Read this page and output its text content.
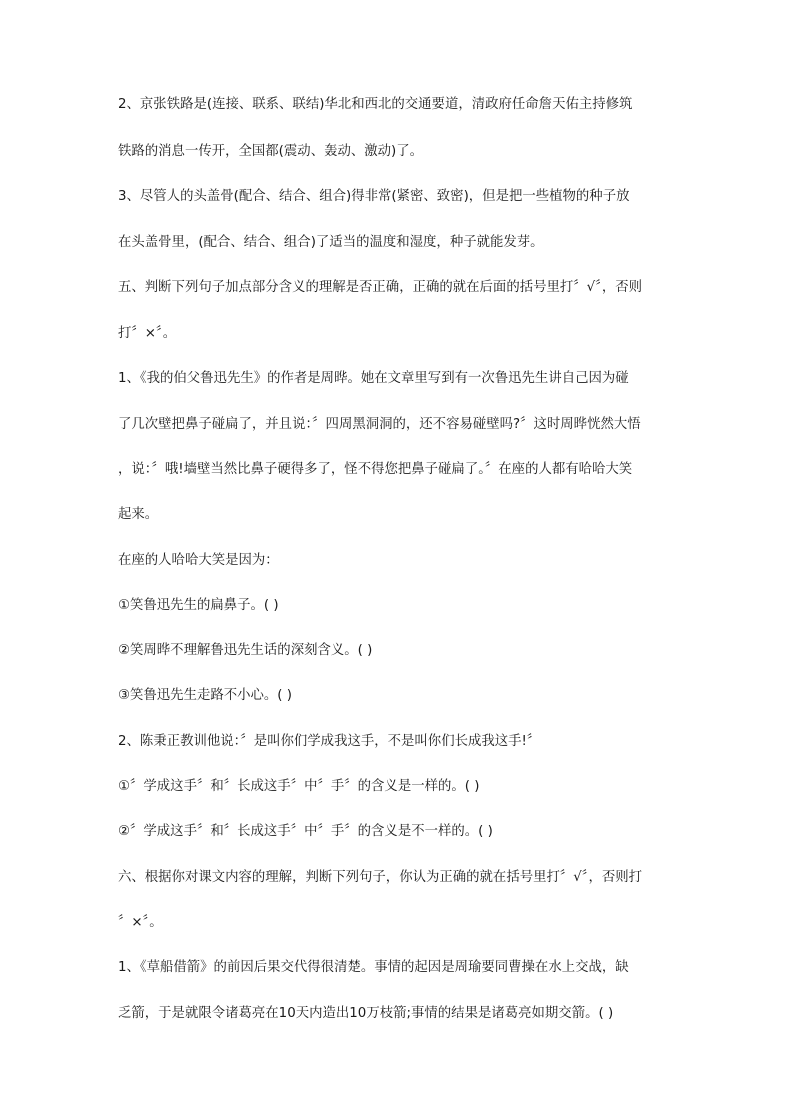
2、京张铁路是(连接、联系、联结)华北和西北的交通要道，清政府任命詹天佑主持修筑
铁路的消息一传开，全国都(震动、轰动、激动)了。
3、尽管人的头盖骨(配合、结合、组合)得非常(紧密、致密)，但是把一些植物的种子放
在头盖骨里，(配合、结合、组合)了适当的温度和湿度，种子就能发芽。
五、判断下列句子加点部分含义的理解是否正确，正确的就在后面的括号里打〞√〞，否则
打〞×〞。
1、《我的伯父鲁迅先生》的作者是周晔。她在文章里写到有一次鲁迅先生讲自己因为碰
了几次壁把鼻子碰扁了，并且说：〞四周黑洞洞的，还不容易碰壁吗?〞这时周晔恍然大悟
，说：〞哦!墙壁当然比鼻子硬得多了，怪不得您把鼻子碰扁了。〞在座的人都有哈哈大笑
起来。
在座的人哈哈大笑是因为：
①笑鲁迅先生的扁鼻子。( )
②笑周晔不理解鲁迅先生话的深刻含义。( )
③笑鲁迅先生走路不小心。( )
2、陈秉正教训他说：〞是叫你们学成我这手，不是叫你们长成我这手!〞
①〞学成这手〞和〞长成这手〞中〞手〞的含义是一样的。( )
②〞学成这手〞和〞长成这手〞中〞手〞的含义是不一样的。( )
六、根据你对课文内容的理解，判断下列句子，你认为正确的就在括号里打〞√〞，否则打
〞×〞。
1、《草船借箭》的前因后果交代得很清楚。事情的起因是周瑜要同曹操在水上交战，缺
乏箭，于是就限令诸葛亮在10天内造出10万枝箭;事情的结果是诸葛亮如期交箭。( )
